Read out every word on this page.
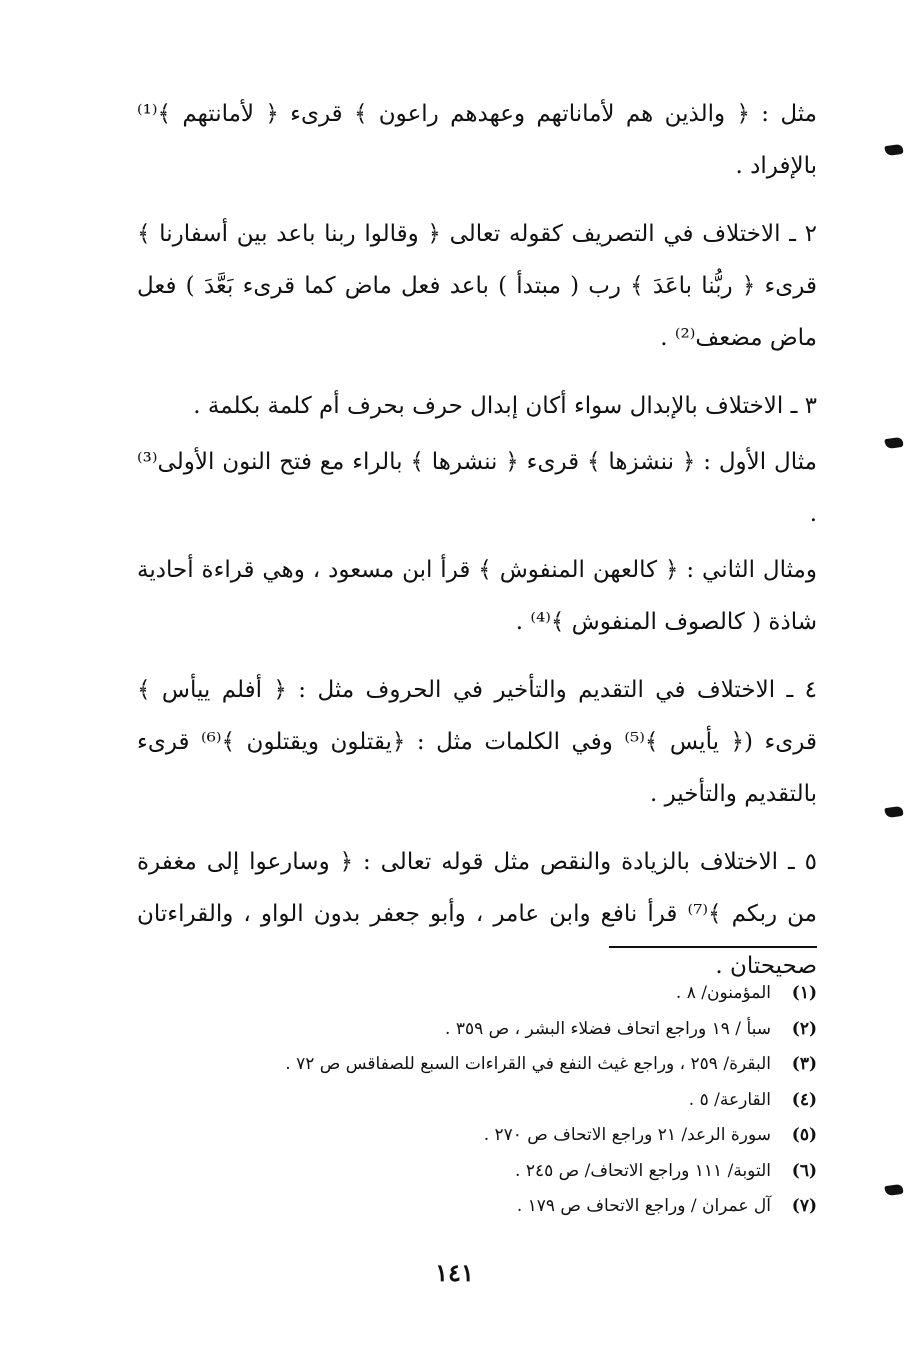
مثل : ﴿ والذين هم لأماناتهم وعهدهم راعون ﴾ قرىء ﴿ لأمانتهم ﴾⁽¹⁾ بالإفراد .

٢ ـ الاختلاف في التصريف كقوله تعالى ﴿ وقالوا ربنا باعد بين أسفارنا ﴾ قرىء ﴿ ربُّنا باعَدَ ﴾ رب ( مبتدأ ) باعد فعل ماض كما قرىء بَعَّدَ ) فعل ماض مضعف⁽²⁾ .

٣ ـ الاختلاف بالإبدال سواء أكان إبدال حرف بحرف أم كلمة بكلمة .

مثال الأول : ﴿ ننشزها ﴾ قرىء ﴿ ننشرها ﴾ بالراء مع فتح النون الأولى⁽³⁾ .

ومثال الثاني : ﴿ كالعهن المنفوش ﴾ قرأ ابن مسعود ، وهي قراءة أحادية شاذة ( كالصوف المنفوش ﴾⁽⁴⁾ .

٤ ـ الاختلاف في التقديم والتأخير في الحروف مثل : ﴿ أفلم ييأس ﴾ قرىء (﴿ يأيس ﴾⁽⁵⁾ وفي الكلمات مثل : ﴿يقتلون ويقتلون ﴾⁽⁶⁾ قرىء بالتقديم والتأخير .

٥ ـ الاختلاف بالزيادة والنقص مثل قوله تعالى : ﴿ وسارعوا إلى مغفرة من ربكم ﴾⁽⁷⁾ قرأ نافع وابن عامر ، وأبو جعفر بدون الواو ، والقراءتان صحيحتان .

(١)
المؤمنون/ ٨ .
(٢)
سبأ / ١٩ وراجع اتحاف فضلاء البشر ، ص ٣٥٩ .
(٣)
البقرة/ ٢٥٩ ، وراجع غيث النفع في القراءات السبع للصفاقس ص ٧٢ .
(٤)
القارعة/ ٥ .
(٥)
سورة الرعد/ ٢١ وراجع الاتحاف ص ٢٧٠ .
(٦)
التوبة/ ١١١ وراجع الاتحاف/ ص ٢٤٥ .
(٧)
آل عمران / وراجع الاتحاف ص ١٧٩ .
١٤١
